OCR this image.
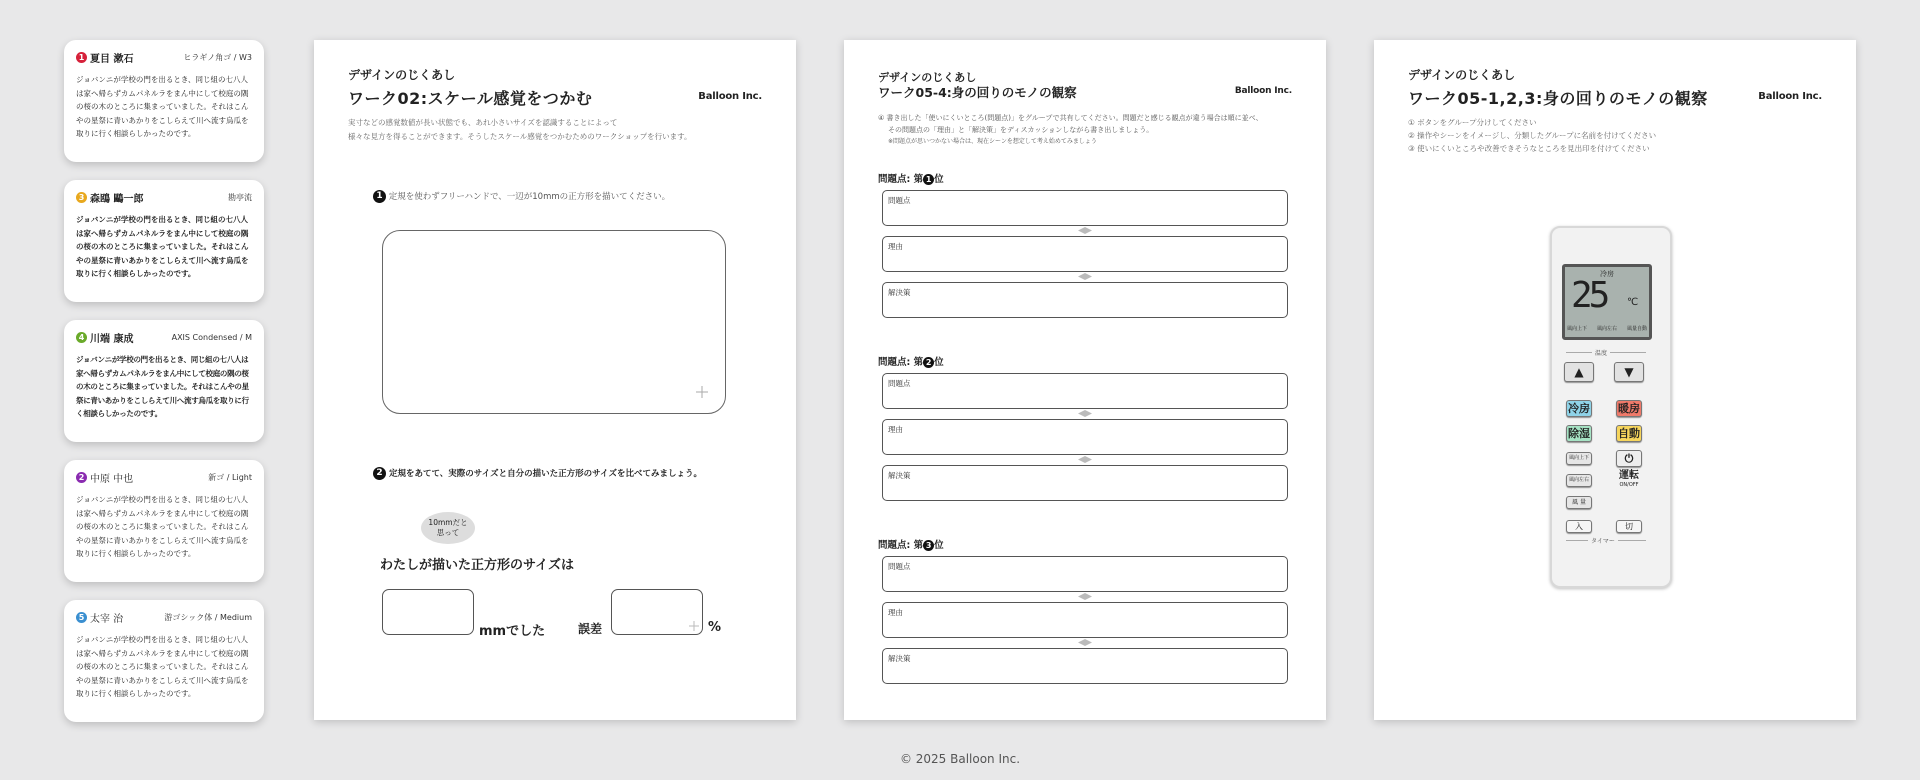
1 夏目 漱石	ヒラギノ角ゴ / W3
ジョバンニが学校の門を出るとき、同じ組の七八人は家へ帰らずカムパネルラをまん中にして校庭の隅の桜の木のところに集まっていました。それはこんやの星祭に青いあかりをこしらえて川へ流す烏瓜を取りに行く相談らしかったのです。
3 森鴎 鷗一郎	勘亭流
ジョバンニが学校の門を出るとき、同じ組の七八人は家へ帰らずカムパネルラをまん中にして校庭の隅の桜の木のところに集まっていました。それはこんやの星祭に青いあかりをこしらえて川へ流す烏瓜を取りに行く相談らしかったのです。
4 川端 康成	AXIS Condensed / M
ジョバンニが学校の門を出るとき、同じ組の七八人は家へ帰らずカムパネルラをまん中にして校庭の隅の桜の木のところに集まっていました。それはこんやの星祭に青いあかりをこしらえて川へ流す烏瓜を取りに行く相談らしかったのです。
2 中原 中也	新ゴ / Light
ジョバンニが学校の門を出るとき、同じ組の七八人は家へ帰らずカムパネルラをまん中にして校庭の隅の桜の木のところに集まっていました。それはこんやの星祭に青いあかりをこしらえて川へ流す烏瓜を取りに行く相談らしかったのです。
5 太宰 治	游ゴシック体 / Medium
ジョバンニが学校の門を出るとき、同じ組の七八人は家へ帰らずカムパネルラをまん中にして校庭の隅の桜の木のところに集まっていました。それはこんやの星祭に青いあかりをこしらえて川へ流す烏瓜を取りに行く相談らしかったのです。
デザインのじくあし
ワーク02:スケール感覚をつかむ	Balloon Inc.
実寸などの感覚数値が長い状態でも、あれ小さいサイズを認識することによって
様々な見方を得ることができます。そうしたスケール感覚をつかむためのワークショップを行います。
1 定規を使わずフリーハンドで、一辺が10mmの正方形を描いてください。
2 定規をあてて、実際のサイズと自分の描いた正方形のサイズを比べてみましょう。
10mmだと
思って
わたしが描いた正方形のサイズは
mmでした	誤差	%
デザインのじくあし
ワーク05-4:身の回りのモノの観察	Balloon Inc.
④ 書き出した「使いにくいところ(問題点)」をグループで共有してください。問題だと感じる観点が違う場合は順に並べ、
その問題点の「理由」と「解決策」をディスカッションしながら書き出しましょう。
※問題点が思いつかない場合は、現在シーンを想定して考え始めてみましょう
問題点: 第 1 位
問題点
理由
解決策
問題点: 第 2 位
問題点
理由
解決策
問題点: 第 3 位
問題点
理由
解決策
デザインのじくあし
ワーク05-1,2,3:身の回りのモノの観察	Balloon Inc.
① ボタンをグループ分けしてください
② 操作やシーンをイメージし、分類したグループに名前を付けてください
③ 使いにくいところや改善できそうなところを見出印を付けてください
冷房
25 ℃
風向上下 風向左右 風量自動
温度
▲	▼
冷房	暖房
除湿	自動
風向上下	⏻
風向左右	運転
ON/OFF
風 量
入	切
タイマー
© 2025 Balloon Inc.
